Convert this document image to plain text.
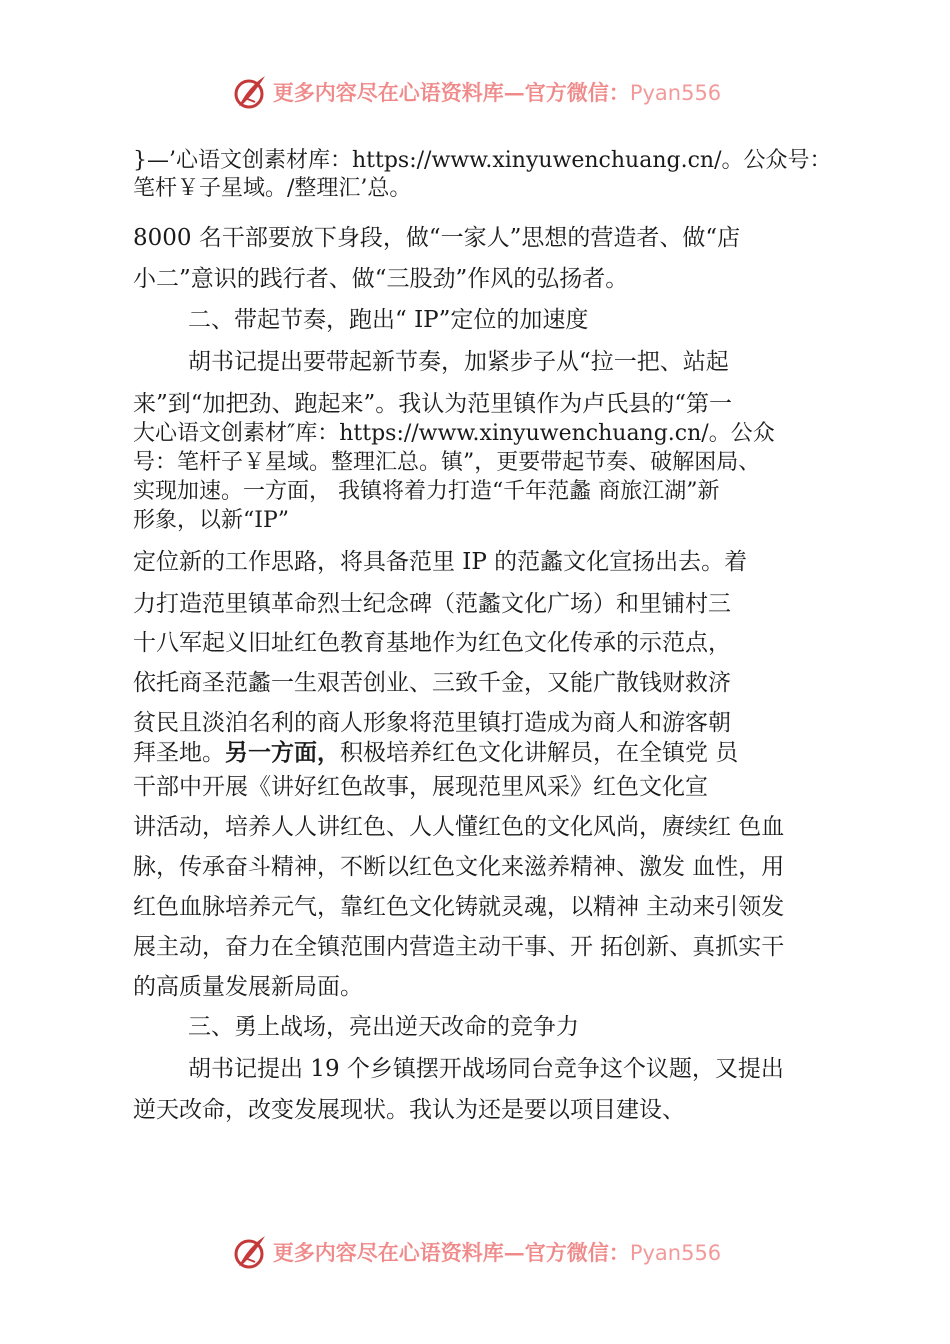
更多内容尽在心语资料库—官方微信：Pyan556
}—’心语文创素材库：https://www.xinyuwenchuang.cn/。公众号：
笔杆￥子星域。/整理汇’总。
8000 名干部要放下身段，做“一家人”思想的营造者、做“店
小二”意识的践行者、做“三股劲”作风的弘扬者。
二、带起节奏，跑出“ IP”定位的加速度
胡书记提出要带起新节奏，加紧步子从“拉一把、站起
来”到“加把劲、跑起来”。我认为范里镇作为卢氏县的“第一
大心语文创素材″库：https://www.xinyuwenchuang.cn/。公众
号：笔杆子￥星域。整理汇总。镇”，更要带起节奏、破解困局、
实现加速。一方面， 我镇将着力打造“千年范蠡 商旅江湖”新
形象，以新“IP”
定位新的工作思路，将具备范里 IP 的范蠡文化宣扬出去。着
力打造范里镇革命烈士纪念碑（范蠡文化广场）和里铺村三
十八军起义旧址红色教育基地作为红色文化传承的示范点，
依托商圣范蠡一生艰苦创业、三致千金，又能广散钱财救济
贫民且淡泊名利的商人形象将范里镇打造成为商人和游客朝
拜圣地。另一方面，积极培养红色文化讲解员，在全镇党 员
干部中开展《讲好红色故事，展现范里风采》红色文化宣
讲活动，培养人人讲红色、人人懂红色的文化风尚，赓续红 色血
脉，传承奋斗精神，不断以红色文化来滋养精神、激发 血性，用
红色血脉培养元气，靠红色文化铸就灵魂，以精神 主动来引领发
展主动，奋力在全镇范围内营造主动干事、开 拓创新、真抓实干
的高质量发展新局面。
三、勇上战场，亮出逆天改命的竞争力
胡书记提出 19 个乡镇摆开战场同台竞争这个议题，又提出
逆天改命，改变发展现状。我认为还是要以项目建设、
更多内容尽在心语资料库—官方微信：Pyan556
